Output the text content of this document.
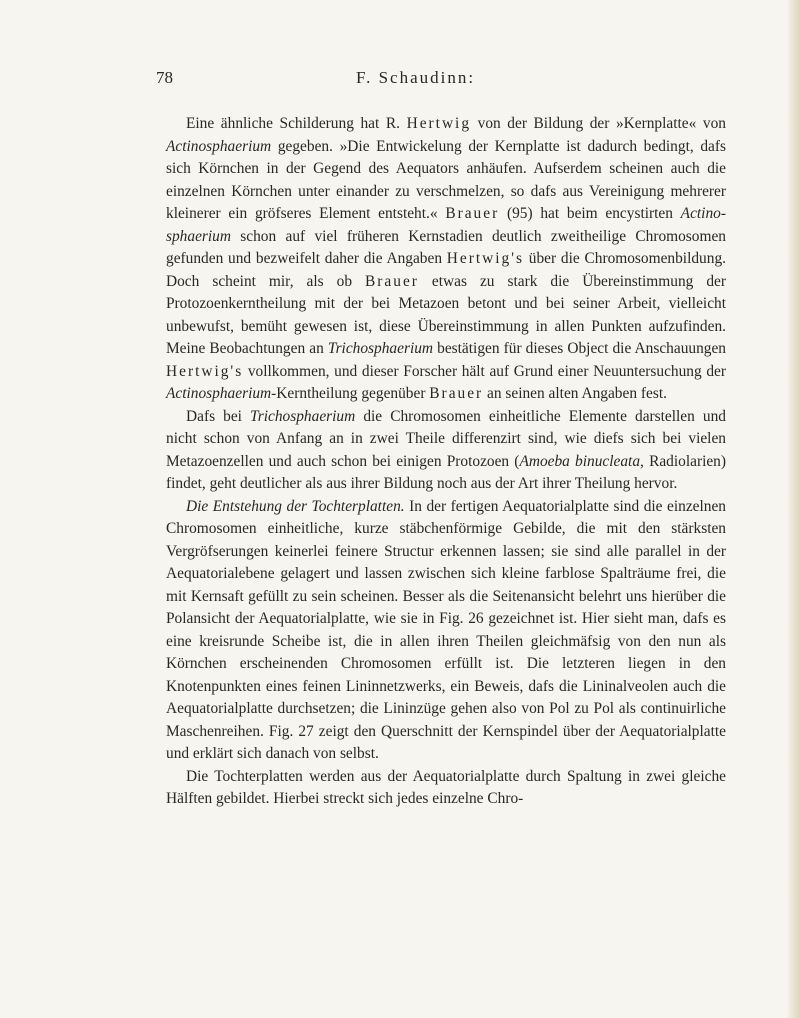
78	F. Schaudinn:

Eine ähnliche Schilderung hat R. Hertwig von der Bildung der »Kernplatte« von Actinosphaerium gegeben. »Die Entwickelung der Kernplatte ist dadurch bedingt, dafs sich Körnchen in der Gegend des Aequators anhäufen. Aufserdem scheinen auch die einzelnen Körnchen unter einander zu verschmelzen, so dafs aus Vereinigung mehrerer kleinerer ein gröfseres Element entsteht.« Brauer (95) hat beim encystirten Actinosphaerium schon auf viel früheren Kernstadien deutlich zweitheilige Chromosomen gefunden und bezweifelt daher die Angaben Hertwig's über die Chromosomenbildung. Doch scheint mir, als ob Brauer etwas zu stark die Übereinstimmung der Protozoenkerntheilung mit der bei Metazoen betont und bei seiner Arbeit, vielleicht unbewufst, bemüht gewesen ist, diese Übereinstimmung in allen Punkten aufzufinden. Meine Beobachtungen an Trichosphaerium bestätigen für dieses Object die Anschauungen Hertwig's vollkommen, und dieser Forscher hält auf Grund einer Neuuntersuchung der Actinosphaerium-Kerntheilung gegenüber Brauer an seinen alten Angaben fest.

Dafs bei Trichosphaerium die Chromosomen einheitliche Elemente darstellen und nicht schon von Anfang an in zwei Theile differenzirt sind, wie diefs sich bei vielen Metazoenzellen und auch schon bei einigen Protozoen (Amoeba binucleata, Radiolarien) findet, geht deutlicher als aus ihrer Bildung noch aus der Art ihrer Theilung hervor.

Die Entstehung der Tochterplatten. In der fertigen Aequatorialplatte sind die einzelnen Chromosomen einheitliche, kurze stäbchenförmige Gebilde, die mit den stärksten Vergröfserungen keinerlei feinere Structur erkennen lassen; sie sind alle parallel in der Aequatorialebene gelagert und lassen zwischen sich kleine farblose Spalträume frei, die mit Kernsaft gefüllt zu sein scheinen. Besser als die Seitenansicht belehrt uns hierüber die Polansicht der Aequatorialplatte, wie sie in Fig. 26 gezeichnet ist. Hier sieht man, dafs es eine kreisrunde Scheibe ist, die in allen ihren Theilen gleichmäfsig von den nun als Körnchen erscheinenden Chromosomen erfüllt ist. Die letzteren liegen in den Knotenpunkten eines feinen Lininnetzwerks, ein Beweis, dafs die Lininalveolen auch die Aequatorialplatte durchsetzen; die Lininzüge gehen also von Pol zu Pol als continuirliche Maschenreihen. Fig. 27 zeigt den Querschnitt der Kernspindel über der Aequatorialplatte und erklärt sich danach von selbst.

Die Tochterplatten werden aus der Aequatorialplatte durch Spaltung in zwei gleiche Hälften gebildet. Hierbei streckt sich jedes einzelne Chro-
